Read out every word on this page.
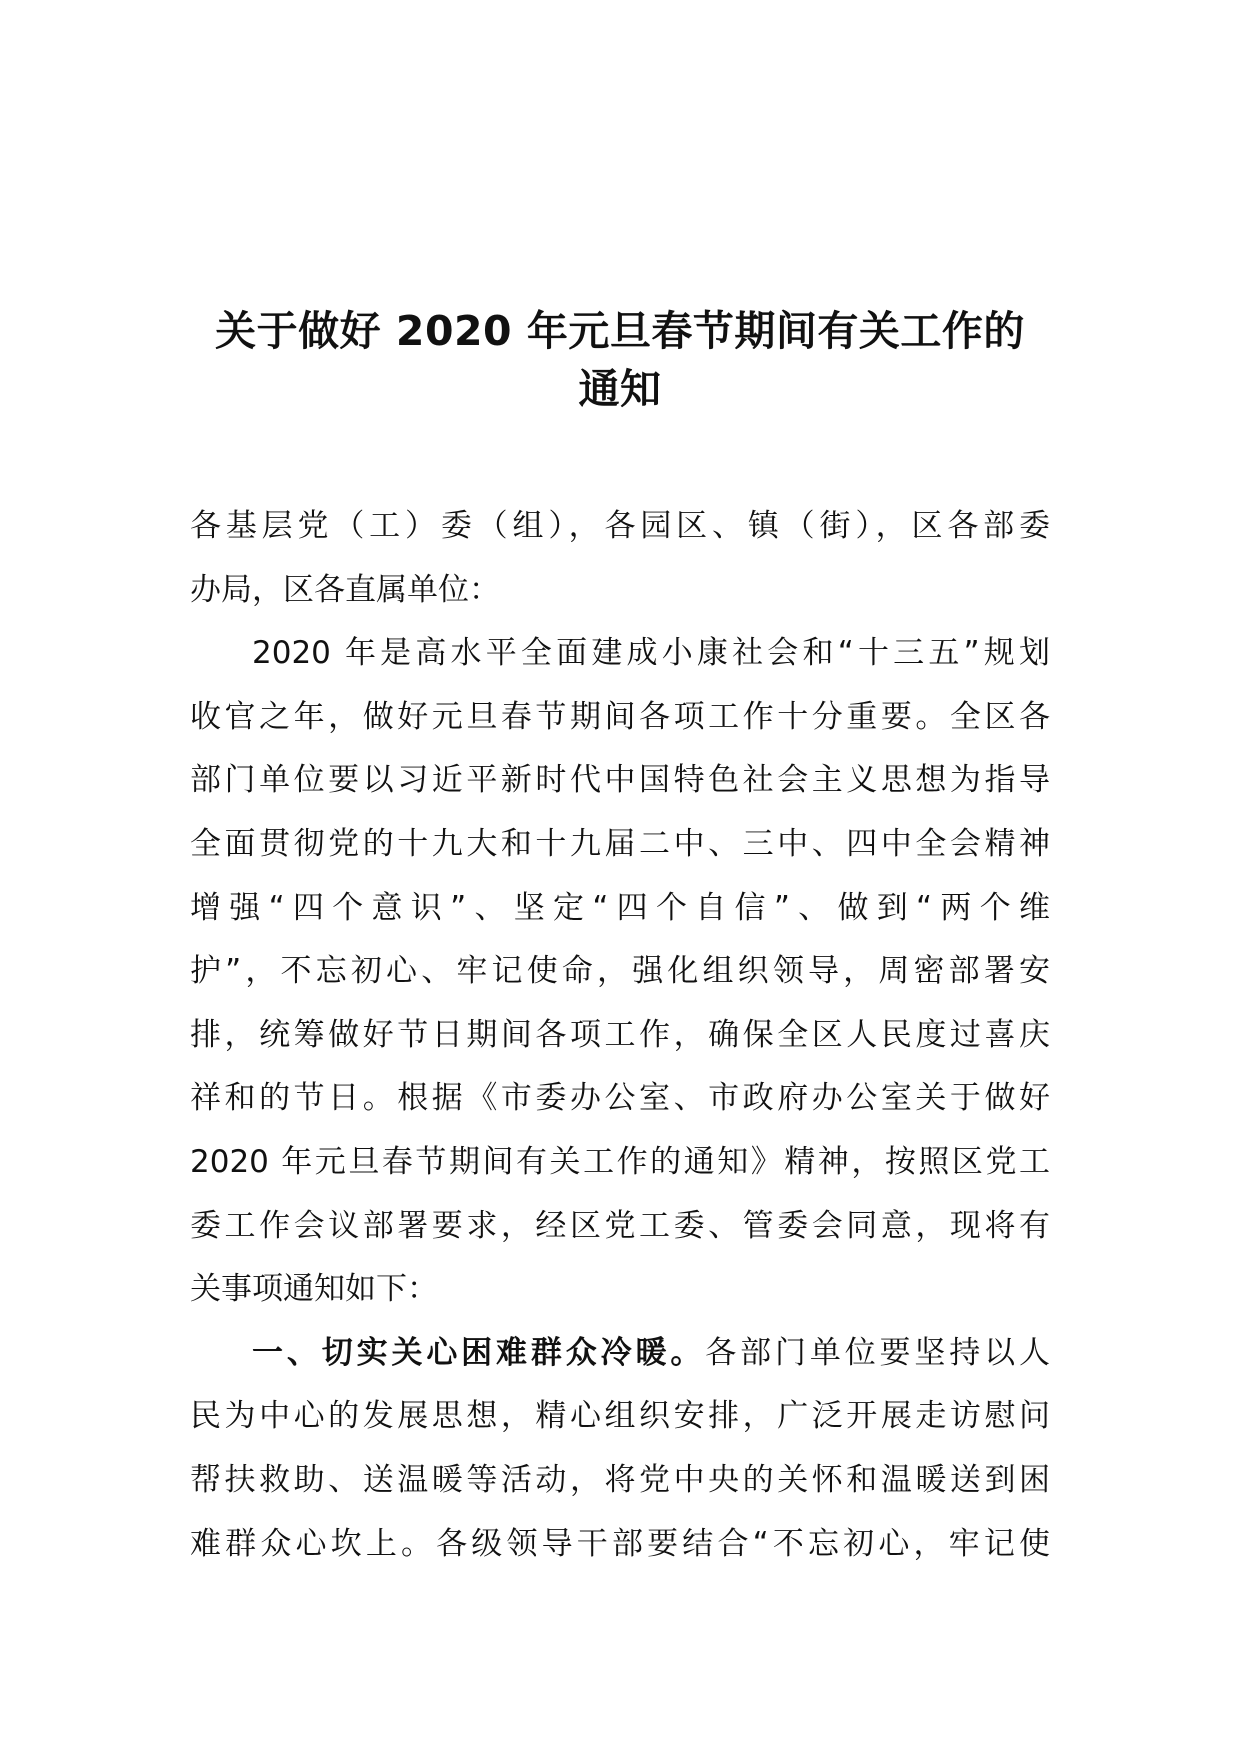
关于做好 2020 年元旦春节期间有关工作的
通知
各基层党（工）委（组），各园区、镇（街），区各部委
办局，区各直属单位：
2020 年是高水平全面建成小康社会和“十三五”规划
收官之年，做好元旦春节期间各项工作十分重要。全区各
部门单位要以习近平新时代中国特色社会主义思想为指导
全面贯彻党的十九大和十九届二中、三中、四中全会精神
增强“四个意识”、坚定“四个自信”、做到“两个维
护”，不忘初心、牢记使命，强化组织领导，周密部署安
排，统筹做好节日期间各项工作，确保全区人民度过喜庆
祥和的节日。根据《市委办公室、市政府办公室关于做好
2020 年元旦春节期间有关工作的通知》精神，按照区党工
委工作会议部署要求，经区党工委、管委会同意，现将有
关事项通知如下：
一、切实关心困难群众冷暖。各部门单位要坚持以人
民为中心的发展思想，精心组织安排，广泛开展走访慰问
帮扶救助、送温暖等活动，将党中央的关怀和温暖送到困
难群众心坎上。各级领导干部要结合“不忘初心，牢记使
